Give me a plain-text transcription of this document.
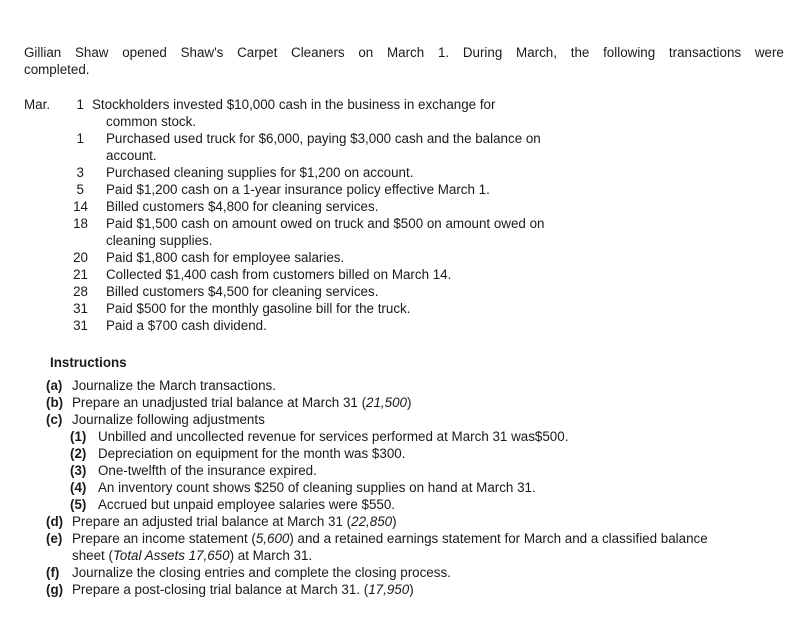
Gillian Shaw opened Shaw's Carpet Cleaners on March 1. During March, the following transactions were
completed.
Mar.	1 Stockholders invested $10,000 cash in the business in exchange for
common stock.
1 Purchased used truck for $6,000, paying $3,000 cash and the balance on
account.
3 Purchased cleaning supplies for $1,200 on account.
5 Paid $1,200 cash on a 1-year insurance policy effective March 1.
14 Billed customers $4,800 for cleaning services.
18 Paid $1,500 cash on amount owed on truck and $500 on amount owed on
cleaning supplies.
20 Paid $1,800 cash for employee salaries.
21 Collected $1,400 cash from customers billed on March 14.
28 Billed customers $4,500 for cleaning services.
31 Paid $500 for the monthly gasoline bill for the truck.
31 Paid a $700 cash dividend.
Instructions
(a) Journalize the March transactions.
(b) Prepare an unadjusted trial balance at March 31 (21,500)
(c) Journalize following adjustments
(1) Unbilled and uncollected revenue for services performed at March 31 was$500.
(2) Depreciation on equipment for the month was $300.
(3) One-twelfth of the insurance expired.
(4) An inventory count shows $250 of cleaning supplies on hand at March 31.
(5) Accrued but unpaid employee salaries were $550.
(d) Prepare an adjusted trial balance at March 31 (22,850)
(e) Prepare an income statement (5,600) and a retained earnings statement for March and a classified balance
sheet (Total Assets 17,650) at March 31.
(f) Journalize the closing entries and complete the closing process.
(g) Prepare a post-closing trial balance at March 31. (17,950)
